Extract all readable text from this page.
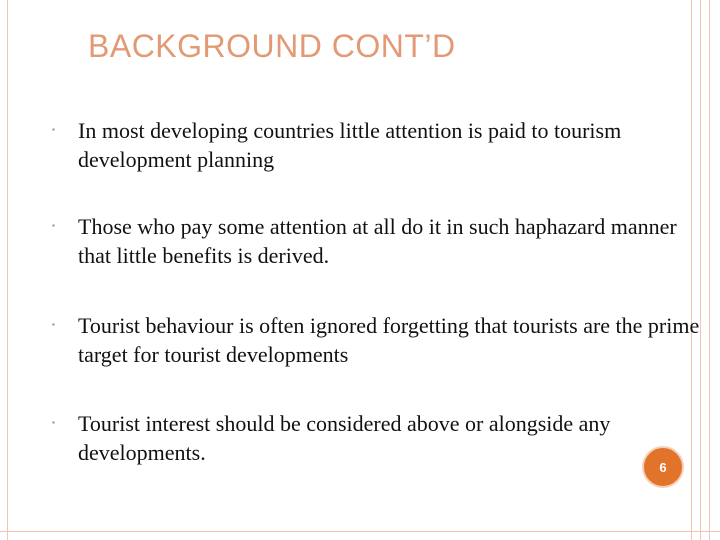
BACKGROUND CONT’D
▪ In most developing countries little attention is paid to tourism development planning
▪ Those who pay some attention at all do it in such haphazard manner that little benefits is derived.
▪ Tourist behaviour is often ignored forgetting that tourists are the prime target for tourist developments
▪ Tourist interest should be considered above or alongside any developments.
6
